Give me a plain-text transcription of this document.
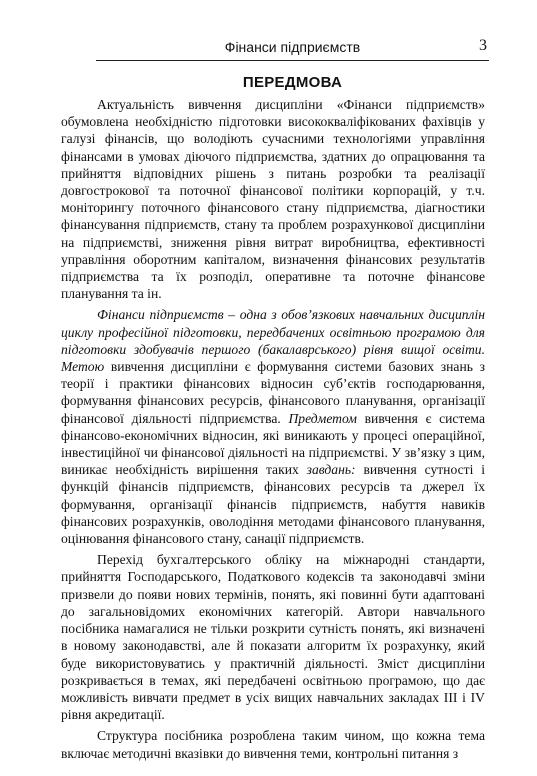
Фінанси підприємств	3
ПЕРЕДМОВА

Актуальність вивчення дисципліни «Фінанси підприємств» обумовлена необхідністю підготовки висококваліфікованих фахівців у галузі фінансів, що володіють сучасними технологіями управління фінансами в умовах діючого підприємства, здатних до опрацювання та прийняття відповідних рішень з питань розробки та реалізації довгострокової та поточної фінансової політики корпорацій, у т.ч. моніторингу поточного фінансового стану підприємства, діагностики фінансування підприємств, стану та проблем розрахункової дисципліни на підприємстві, зниження рівня витрат виробництва, ефективності управління оборотним капіталом, визначення фінансових результатів підприємства та їх розподіл, оперативне та поточне фінансове планування та ін.

Фінанси підприємств – одна з обов’язкових навчальних дисциплін циклу професійної підготовки, передбачених освітньою програмою для підготовки здобувачів першого (бакалаврського) рівня вищої освіти. Метою вивчення дисципліни є формування системи базових знань з теорії і практики фінансових відносин суб’єктів господарювання, формування фінансових ресурсів, фінансового планування, організації фінансової діяльності підприємства. Предметом вивчення є система фінансово-економічних відносин, які виникають у процесі операційної, інвестиційної чи фінансової діяльності на підприємстві. У зв’язку з цим, виникає необхідність вирішення таких завдань: вивчення сутності і функцій фінансів підприємств, фінансових ресурсів та джерел їх формування, організації фінансів підприємств, набуття навиків фінансових розрахунків, оволодіння методами фінансового планування, оцінювання фінансового стану, санації підприємств.

Перехід бухгалтерського обліку на міжнародні стандарти, прийняття Господарського, Податкового кодексів та законодавчі зміни призвели до появи нових термінів, понять, які повинні бути адаптовані до загальновідомих економічних категорій. Автори навчального посібника намагалися не тільки розкрити сутність понять, які визначені в новому законодавстві, але й показати алгоритм їх розрахунку, який буде використовуватись у практичній діяльності. Зміст дисципліни розкривається в темах, які передбачені освітньою програмою, що дає можливість вивчати предмет в усіх вищих навчальних закладах III і IV рівня акредитації.

Структура посібника розроблена таким чином, що кожна тема включає методичні вказівки до вивчення теми, контрольні питання з
